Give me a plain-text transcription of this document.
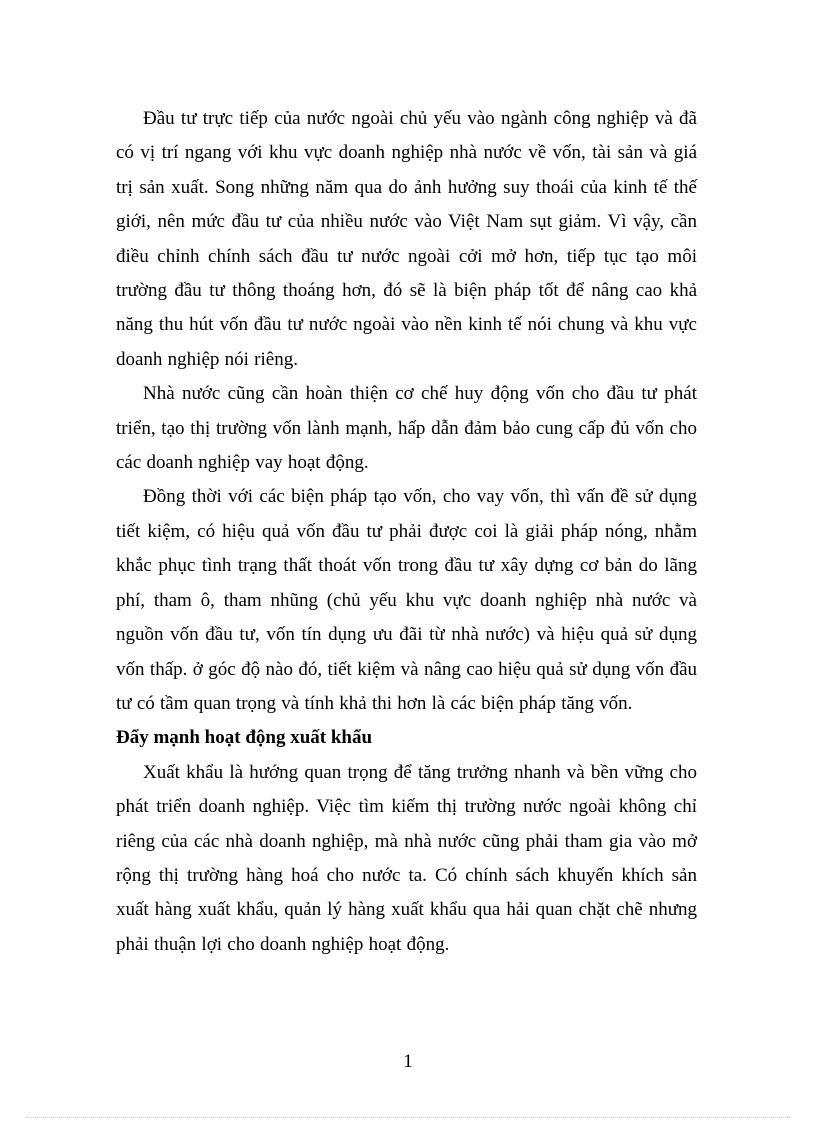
Đầu tư trực tiếp của nước ngoài chủ yếu vào ngành công nghiệp và đã có vị trí ngang với khu vực doanh nghiệp nhà nước về vốn, tài sản và giá trị sản xuất. Song những năm qua do ảnh hưởng suy thoái của kinh tế thế giới, nên mức đầu tư của nhiều nước vào Việt Nam sụt giảm. Vì vậy, cần điều chỉnh chính sách đầu tư nước ngoài cởi mở hơn, tiếp tục tạo môi trường đầu tư thông thoáng hơn, đó sẽ là biện pháp tốt để nâng cao khả năng thu hút vốn đầu tư nước ngoài vào nền kinh tế nói chung và khu vực doanh nghiệp nói riêng.

Nhà nước cũng cần hoàn thiện cơ chế huy động vốn cho đầu tư phát triển, tạo thị trường vốn lành mạnh, hấp dẫn đảm bảo cung cấp đủ vốn cho các doanh nghiệp vay hoạt động.

Đồng thời với các biện pháp tạo vốn, cho vay vốn, thì vấn đề sử dụng tiết kiệm, có hiệu quả vốn đầu tư phải được coi là giải pháp nóng, nhằm khắc phục tình trạng thất thoát vốn trong đầu tư xây dựng cơ bản do lãng phí, tham ô, tham nhũng (chủ yếu khu vực doanh nghiệp nhà nước và nguồn vốn đầu tư, vốn tín dụng ưu đãi từ nhà nước) và hiệu quả sử dụng vốn thấp. ở góc độ nào đó, tiết kiệm và nâng cao hiệu quả sử dụng vốn đầu tư có tầm quan trọng và tính khả thi hơn là các biện pháp tăng vốn.

Đẩy mạnh hoạt động xuất khẩu

Xuất khẩu là hướng quan trọng để tăng trưởng nhanh và bền vững cho phát triển doanh nghiệp. Việc tìm kiếm thị trường nước ngoài không chỉ riêng của các nhà doanh nghiệp, mà nhà nước cũng phải tham gia vào mở rộng thị trường hàng hoá cho nước ta. Có chính sách khuyến khích sản xuất hàng xuất khẩu, quản lý hàng xuất khẩu qua hải quan chặt chẽ nhưng phải thuận lợi cho doanh nghiệp hoạt động.

1
